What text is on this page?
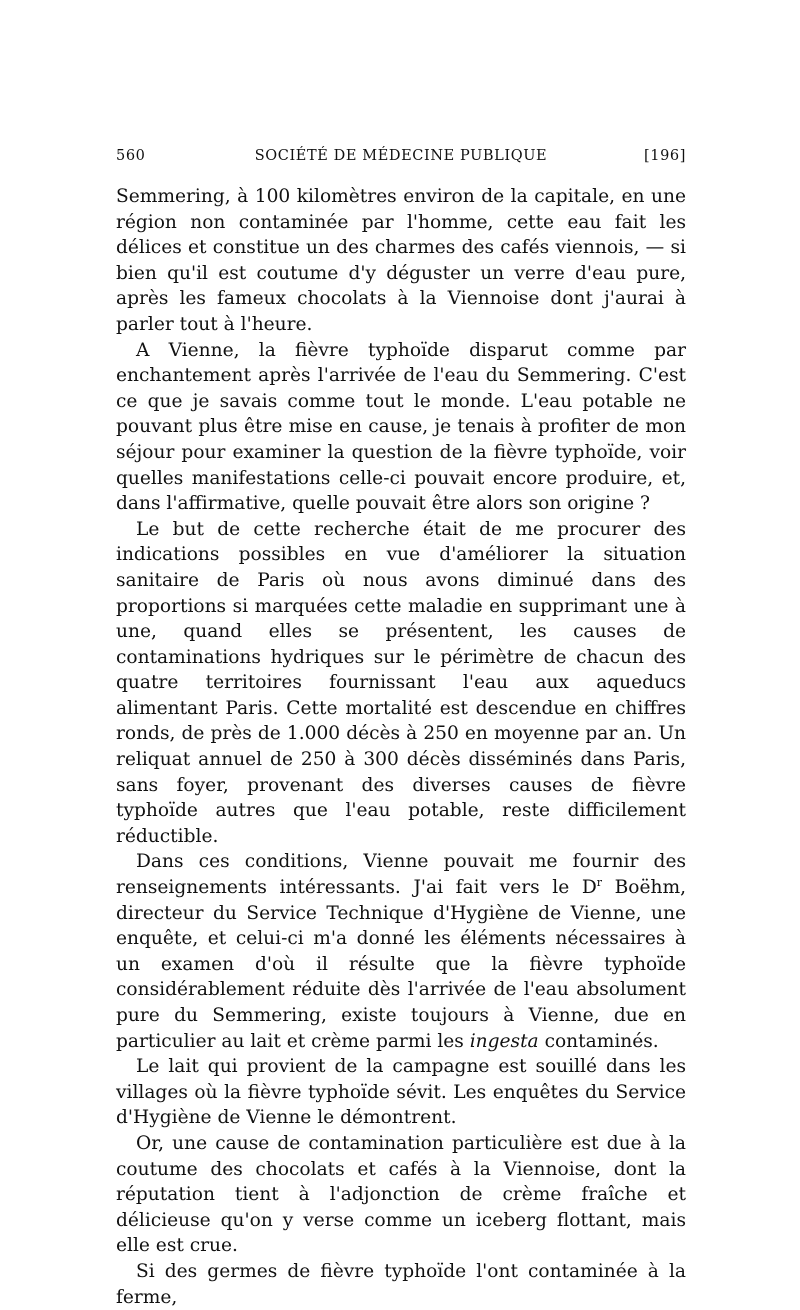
560	SOCIÉTÉ DE MÉDECINE PUBLIQUE	[196]

Semmering, à 100 kilomètres environ de la capitale, en une région non contaminée par l'homme, cette eau fait les délices et constitue un des charmes des cafés viennois, — si bien qu'il est coutume d'y déguster un verre d'eau pure, après les fameux chocolats à la Viennoise dont j'aurai à parler tout à l'heure.

A Vienne, la fièvre typhoïde disparut comme par enchantement après l'arrivée de l'eau du Semmering. C'est ce que je savais comme tout le monde. L'eau potable ne pouvant plus être mise en cause, je tenais à profiter de mon séjour pour examiner la question de la fièvre typhoïde, voir quelles manifestations celle-ci pouvait encore produire, et, dans l'affirmative, quelle pouvait être alors son origine ?

Le but de cette recherche était de me procurer des indications possibles en vue d'améliorer la situation sanitaire de Paris où nous avons diminué dans des proportions si marquées cette maladie en supprimant une à une, quand elles se présentent, les causes de contaminations hydriques sur le périmètre de chacun des quatre territoires fournissant l'eau aux aqueducs alimentant Paris. Cette mortalité est descendue en chiffres ronds, de près de 1.000 décès à 250 en moyenne par an. Un reliquat annuel de 250 à 300 décès disséminés dans Paris, sans foyer, provenant des diverses causes de fièvre typhoïde autres que l'eau potable, reste difficilement réductible.

Dans ces conditions, Vienne pouvait me fournir des renseignements intéressants. J'ai fait vers le $D^r$ Boëhm, directeur du Service Technique d'Hygiène de Vienne, une enquête, et celui-ci m'a donné les éléments nécessaires à un examen d'où il résulte que la fièvre typhoïde considérablement réduite dès l'arrivée de l'eau absolument pure du Semmering, existe toujours à Vienne, due en particulier au lait et crème parmi les ingesta contaminés.

Le lait qui provient de la campagne est souillé dans les villages où la fièvre typhoïde sévit. Les enquêtes du Service d'Hygiène de Vienne le démontrent.

Or, une cause de contamination particulière est due à la coutume des chocolats et cafés à la Viennoise, dont la réputation tient à l'adjonction de crème fraîche et délicieuse qu'on y verse comme un iceberg flottant, mais elle est crue.

Si des germes de fièvre typhoïde l'ont contaminée à la ferme,
